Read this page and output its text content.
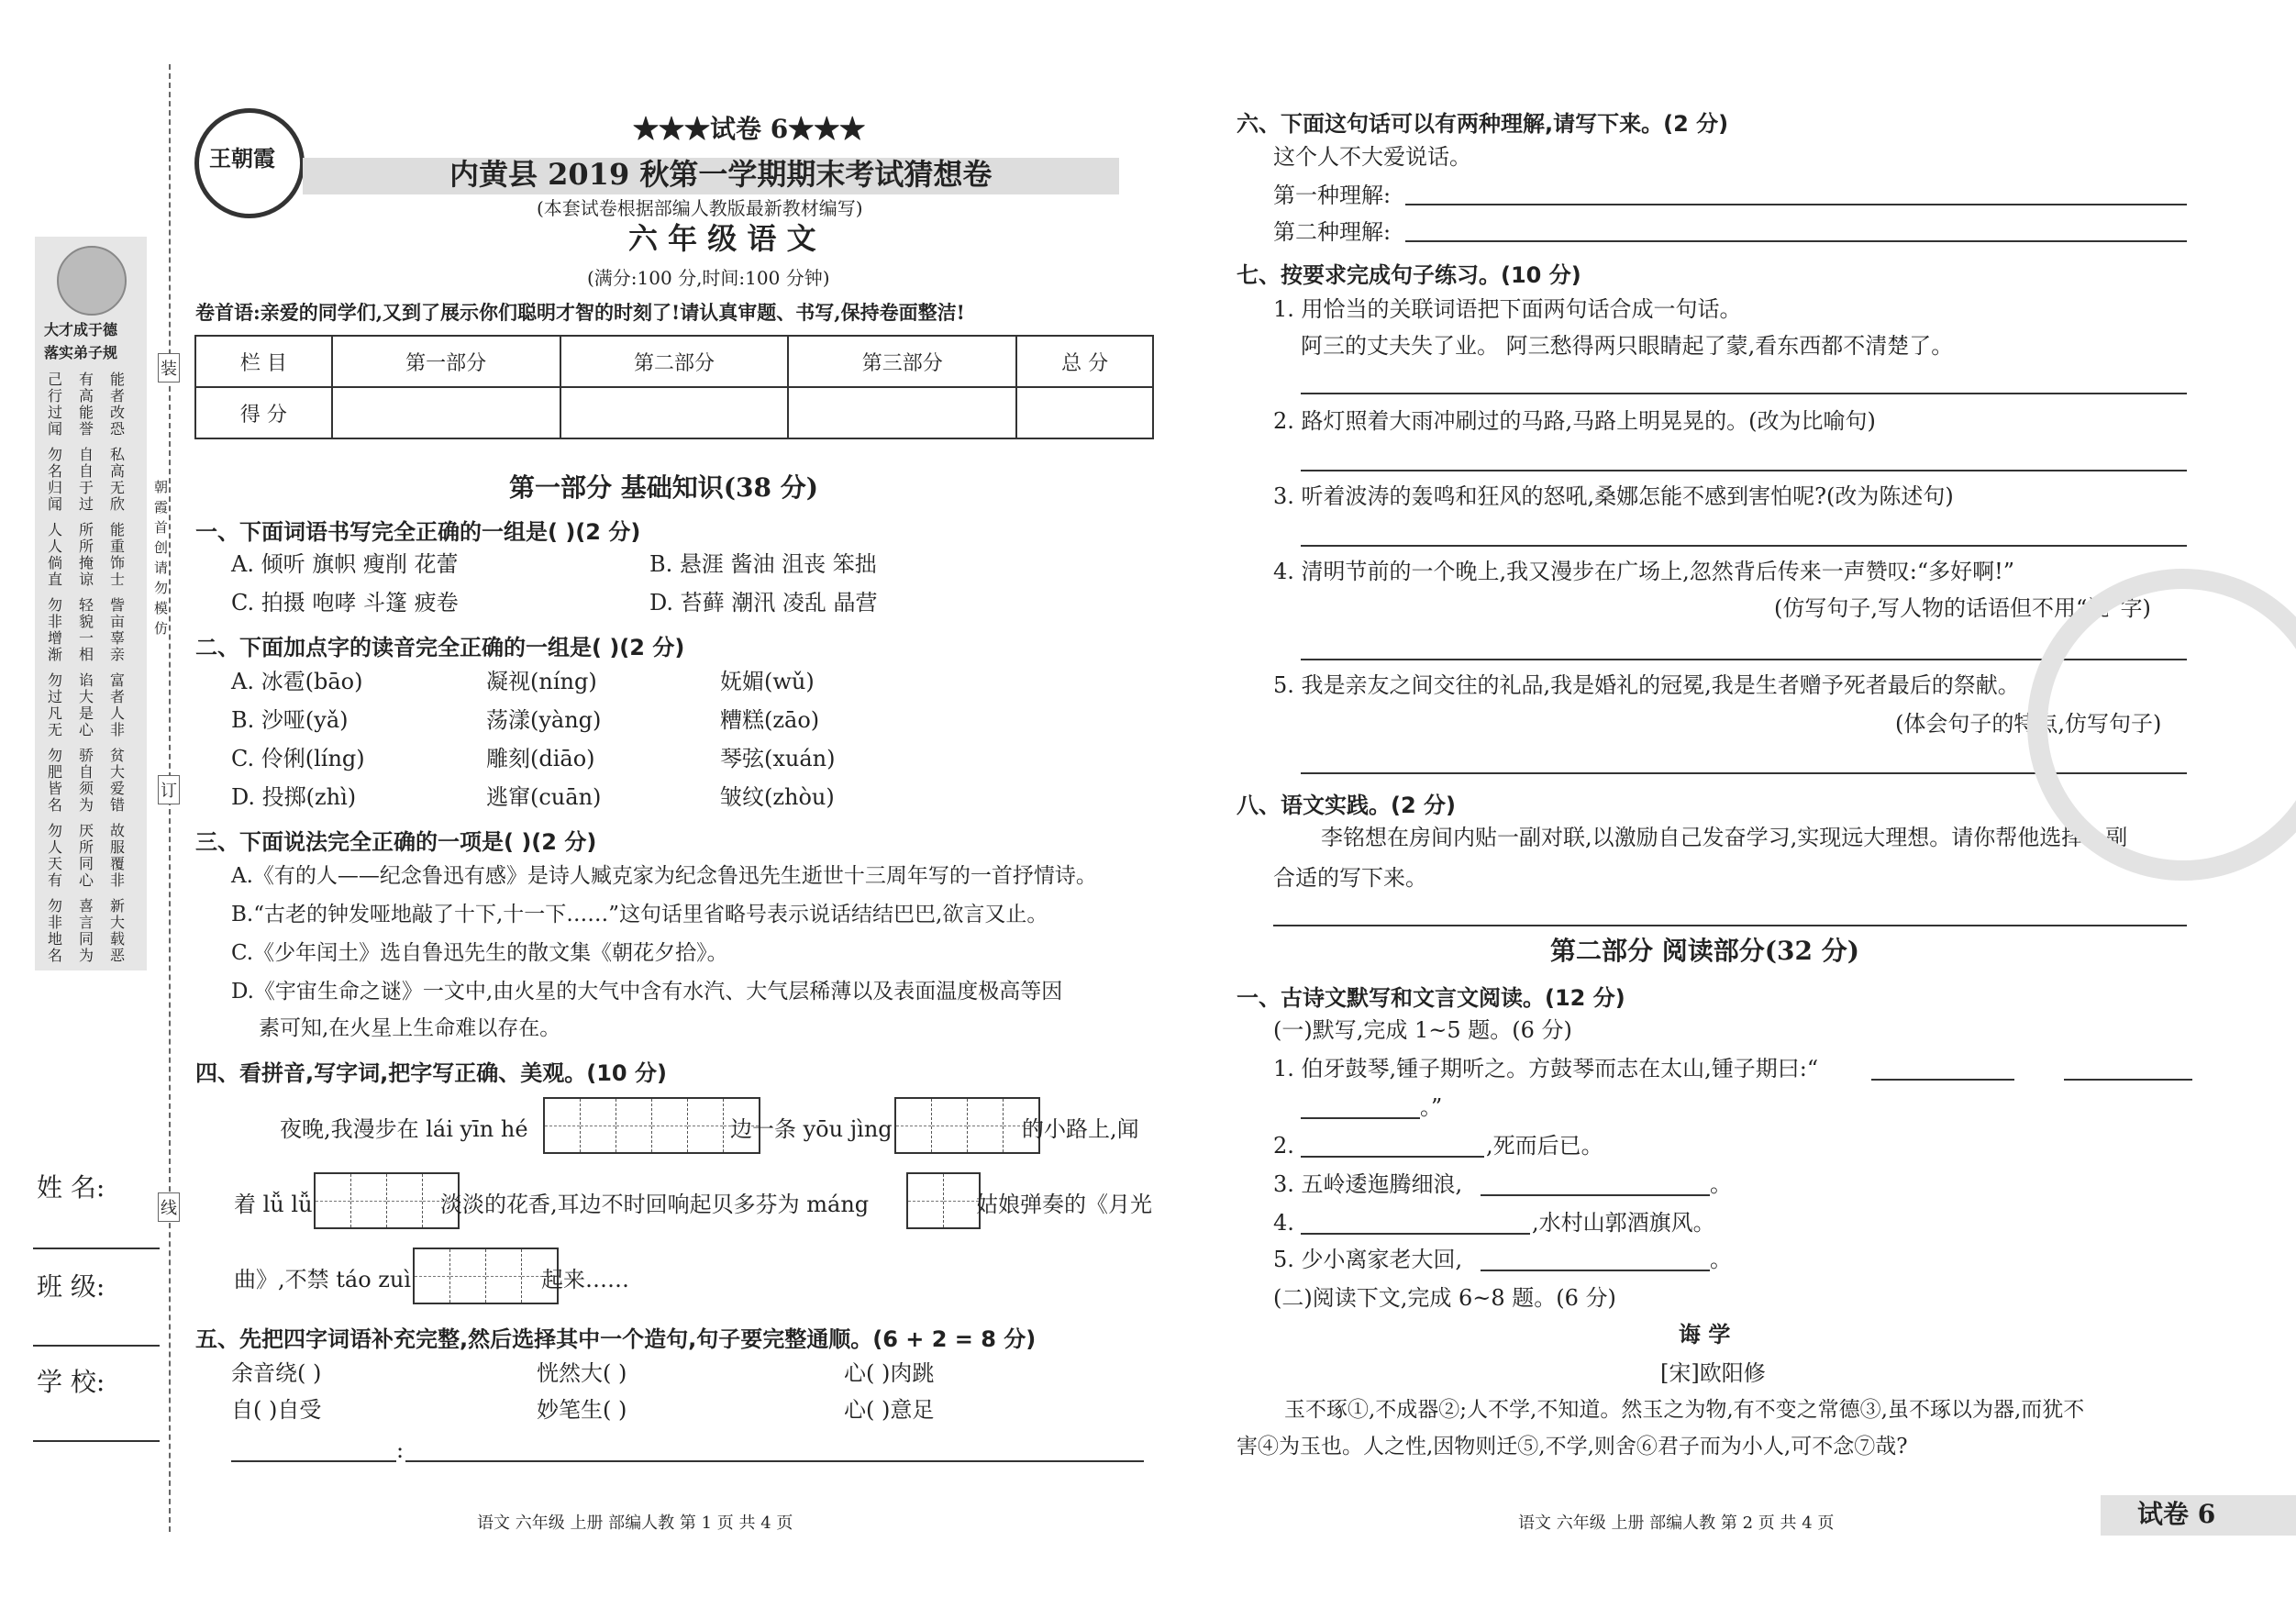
大才成于德
落实弟子规
己行过闻
有高能誉
能者改恐
勿名归闻
自自于过
私高无欣
人人倘直
所所掩谅
能重饰士
勿非增渐
轻貌一相
訾亩辜亲
勿过凡无
谄大是心
富者人非
勿肥皆名
骄自须为
贫大爱错
勿人天有
厌所同心
故服覆非
勿非地名
喜言同为
新大载恶
姓 名:
班 级:
学 校:
装
订
线
朝霞首创 请勿模仿
王朝霞
★★★试卷 6★★★
内黄县 2019 秋第一学期期末考试猜想卷
(本套试卷根据部编人教版最新教材编写)
六 年 级 语 文
(满分:100 分,时间:100 分钟)
卷首语:亲爱的同学们,又到了展示你们聪明才智的时刻了!请认真审题、书写,保持卷面整洁!
栏 目	第一部分	第二部分	第三部分	总 分
得 分				
第一部分 基础知识(38 分)
一、下面词语书写完全正确的一组是( )(2 分)
A. 倾听 旗帜 瘦削 花蕾	B. 悬涯 酱油 沮丧 笨拙
C. 拍摄 咆哮 斗篷 疲卷	D. 苔藓 潮汛 凌乱 晶营
二、下面加点字的读音完全正确的一组是( )(2 分)
A. 冰雹(bāo)	凝视(níng)	妩媚(wǔ)
B. 沙哑(yǎ)	荡漾(yàng)	糟糕(zāo)
C. 伶俐(líng)	雕刻(diāo)	琴弦(xuán)
D. 投掷(zhì)	逃窜(cuān)	皱纹(zhòu)
三、下面说法完全正确的一项是( )(2 分)
A.《有的人——纪念鲁迅有感》是诗人臧克家为纪念鲁迅先生逝世十三周年写的一首抒情诗。
B.“古老的钟发哑地敲了十下,十一下……”这句话里省略号表示说话结结巴巴,欲言又止。
C.《少年闰土》选自鲁迅先生的散文集《朝花夕拾》。
D.《宇宙生命之谜》一文中,由火星的大气中含有水汽、大气层稀薄以及表面温度极高等因
素可知,在火星上生命难以存在。
四、看拼音,写字词,把字写正确、美观。(10 分)
夜晚,我漫步在 lái yīn hé	边一条 yōu jìng	的小路上,闻
着 lǚ lǚ	淡淡的花香,耳边不时回响起贝多芬为 máng	姑娘弹奏的《月光
曲》,不禁 táo zuì	起来……
五、先把四字词语补充完整,然后选择其中一个造句,句子要完整通顺。(6 + 2 = 8 分)
余音绕( )	恍然大( )	心( )肉跳
自( )自受	妙笔生( )	心( )意足
:
语文 六年级 上册 部编人教 第 1 页 共 4 页
六、下面这句话可以有两种理解,请写下来。(2 分)
这个人不大爱说话。
第一种理解:
第二种理解:
七、按要求完成句子练习。(10 分)
1. 用恰当的关联词语把下面两句话合成一句话。
阿三的丈夫失了业。 阿三愁得两只眼睛起了蒙,看东西都不清楚了。
2. 路灯照着大雨冲刷过的马路,马路上明晃晃的。(改为比喻句)
3. 听着波涛的轰鸣和狂风的怒吼,桑娜怎能不感到害怕呢?(改为陈述句)
4. 清明节前的一个晚上,我又漫步在广场上,忽然背后传来一声赞叹:“多好啊!”
(仿写句子,写人物的话语但不用“说”字)
5. 我是亲友之间交往的礼品,我是婚礼的冠冕,我是生者赠予死者最后的祭献。
(体会句子的特点,仿写句子)
八、语文实践。(2 分)
李铭想在房间内贴一副对联,以激励自己发奋学习,实现远大理想。请你帮他选择一副
合适的写下来。
第二部分 阅读部分(32 分)
一、古诗文默写和文言文阅读。(12 分)
(一)默写,完成 1~5 题。(6 分)
1. 伯牙鼓琴,锺子期听之。方鼓琴而志在太山,锺子期曰:“
。”
2.	,死而后已。
3. 五岭逶迤腾细浪,	。
4.	,水村山郭酒旗风。
5. 少小离家老大回,	。
(二)阅读下文,完成 6~8 题。(6 分)
诲 学
[宋]欧阳修
玉不琢①,不成器②;人不学,不知道。然玉之为物,有不变之常德③,虽不琢以为器,而犹不
害④为玉也。人之性,因物则迁⑤,不学,则舍⑥君子而为小人,可不念⑦哉?
语文 六年级 上册 部编人教 第 2 页 共 4 页	试卷 6
